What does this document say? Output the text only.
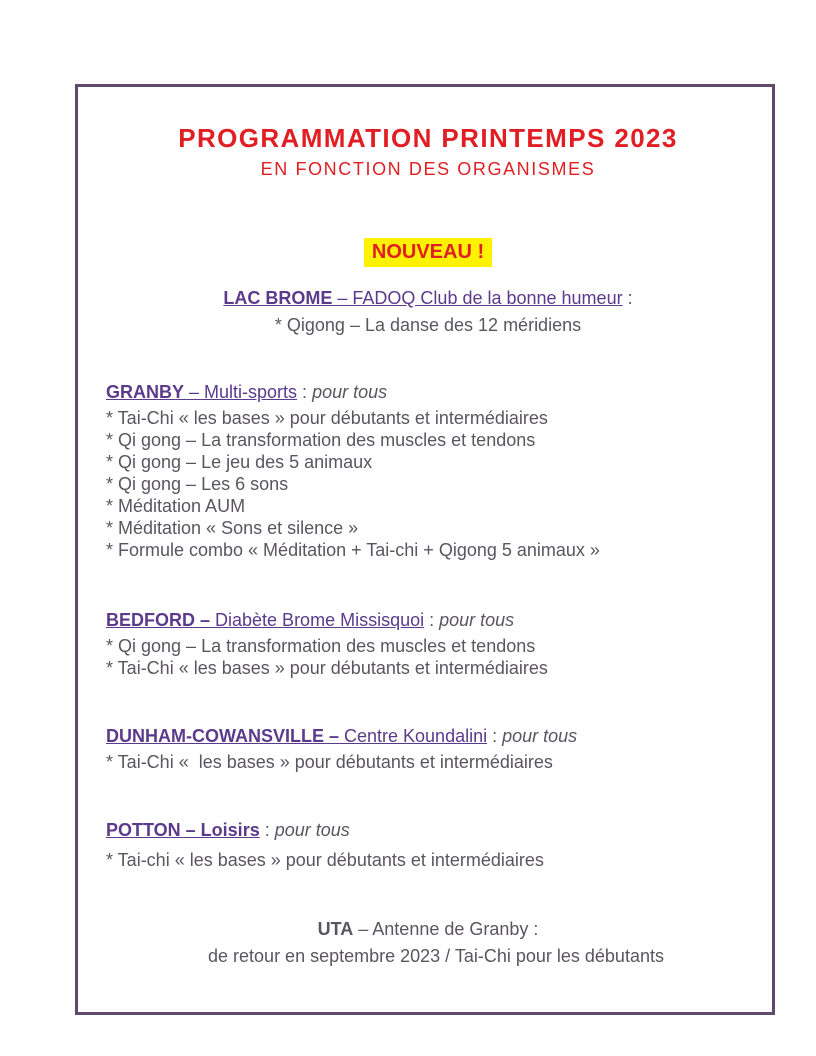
PROGRAMMATION PRINTEMPS 2023

EN FONCTION DES ORGANISMES

NOUVEAU !

LAC BROME – FADOQ Club de la bonne humeur :

* Qigong – La danse des 12 méridiens

GRANBY – Multi-sports : pour tous

* Tai-Chi « les bases » pour débutants et intermédiaires
* Qi gong – La transformation des muscles et tendons
* Qi gong – Le jeu des 5 animaux
* Qi gong – Les 6 sons
* Méditation AUM
* Méditation « Sons et silence »
* Formule combo « Méditation + Tai-chi + Qigong 5 animaux »

BEDFORD – Diabète Brome Missisquoi : pour tous

* Qi gong – La transformation des muscles et tendons
* Tai-Chi « les bases » pour débutants et intermédiaires

DUNHAM-COWANSVILLE – Centre Koundalini : pour tous

* Tai-Chi «  les bases » pour débutants et intermédiaires

POTTON – Loisirs : pour tous

* Tai-chi « les bases » pour débutants et intermédiaires

UTA – Antenne de Granby :

de retour en septembre 2023 / Tai-Chi pour les débutants
